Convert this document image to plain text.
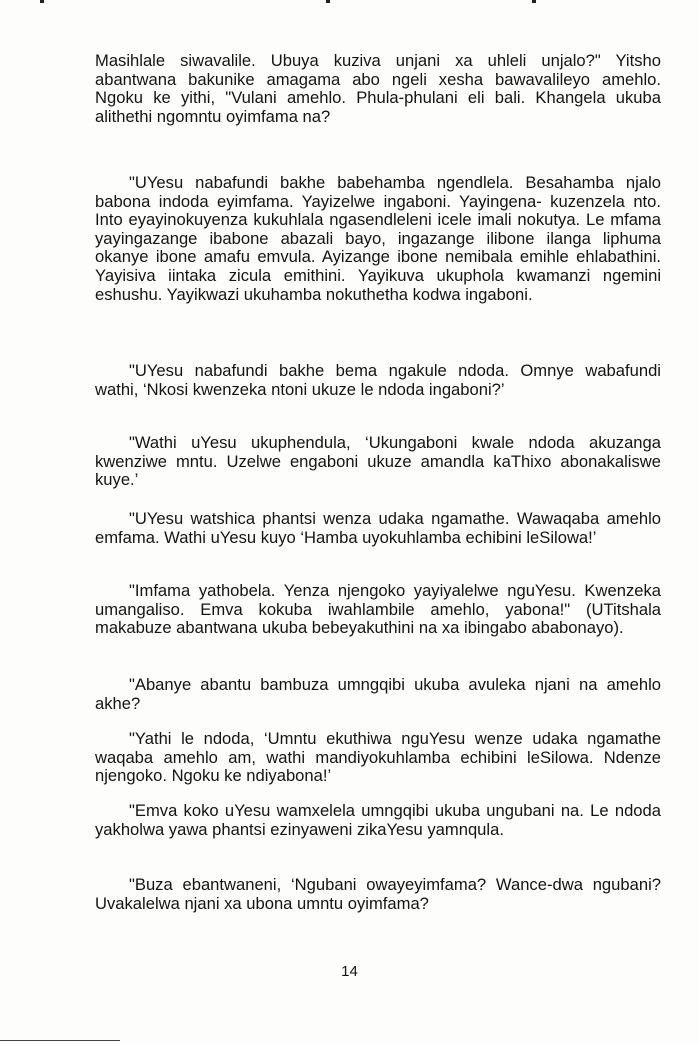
Masihlale siwavalile. Ubuya kuziva unjani xa uhleli unjalo?" Yitsho abantwana bakunike amagama abo ngeli xesha bawavalileyo amehlo. Ngoku ke yithi, "Vulani amehlo. Phula-phulani eli bali. Khangela ukuba alithethi ngomntu oyimfama na?

"UYesu nabafundi bakhe babehamba ngendlela. Besahamba njalo babona indoda eyimfama. Yayizelwe ingaboni. Yayingena- kuzenzela nto. Into eyayinokuyenza kukuhlala ngasendleleni icele imali nokutya. Le mfama yayingazange ibabone abazali bayo, ingazange ilibone ilanga liphuma okanye ibone amafu emvula. Ayizange ibone nemibala emihle ehlabathini. Yayisiva iintaka zicula emithini. Yayikuva ukuphola kwamanzi ngemini eshushu. Yayikwazi ukuhamba nokuthetha kodwa ingaboni.

"UYesu nabafundi bakhe bema ngakule ndoda. Omnye wabafundi wathi, ‘Nkosi kwenzeka ntoni ukuze le ndoda ingaboni?’

"Wathi uYesu ukuphendula, ‘Ukungaboni kwale ndoda akuzanga kwenziwe mntu. Uzelwe engaboni ukuze amandla kaThixo abonakaliswe kuye.’

"UYesu watshica phantsi wenza udaka ngamathe. Wawaqaba amehlo emfama. Wathi uYesu kuyo ‘Hamba uyokuhlamba echibini leSilowa!’

"Imfama yathobela. Yenza njengoko yayiyalelwe nguYesu. Kwenzeka umangaliso. Emva kokuba iwahlambile amehlo, yabona!" (UTitshala makabuze abantwana ukuba bebeyakuthini na xa ibingabo ababonayo).

"Abanye abantu bambuza umngqibi ukuba avuleka njani na amehlo akhe?

"Yathi le ndoda, ‘Umntu ekuthiwa nguYesu wenze udaka ngamathe waqaba amehlo am, wathi mandiyokuhlamba echibini leSilowa. Ndenze njengoko. Ngoku ke ndiyabona!’

"Emva koko uYesu wamxelela umngqibi ukuba ungubani na. Le ndoda yakholwa yawa phantsi ezinyaweni zikaYesu yamnqula.

"Buza ebantwaneni, ‘Ngubani owayeyimfama? Wance-dwa ngubani? Uvakalelwa njani xa ubona umntu oyimfama?

14
